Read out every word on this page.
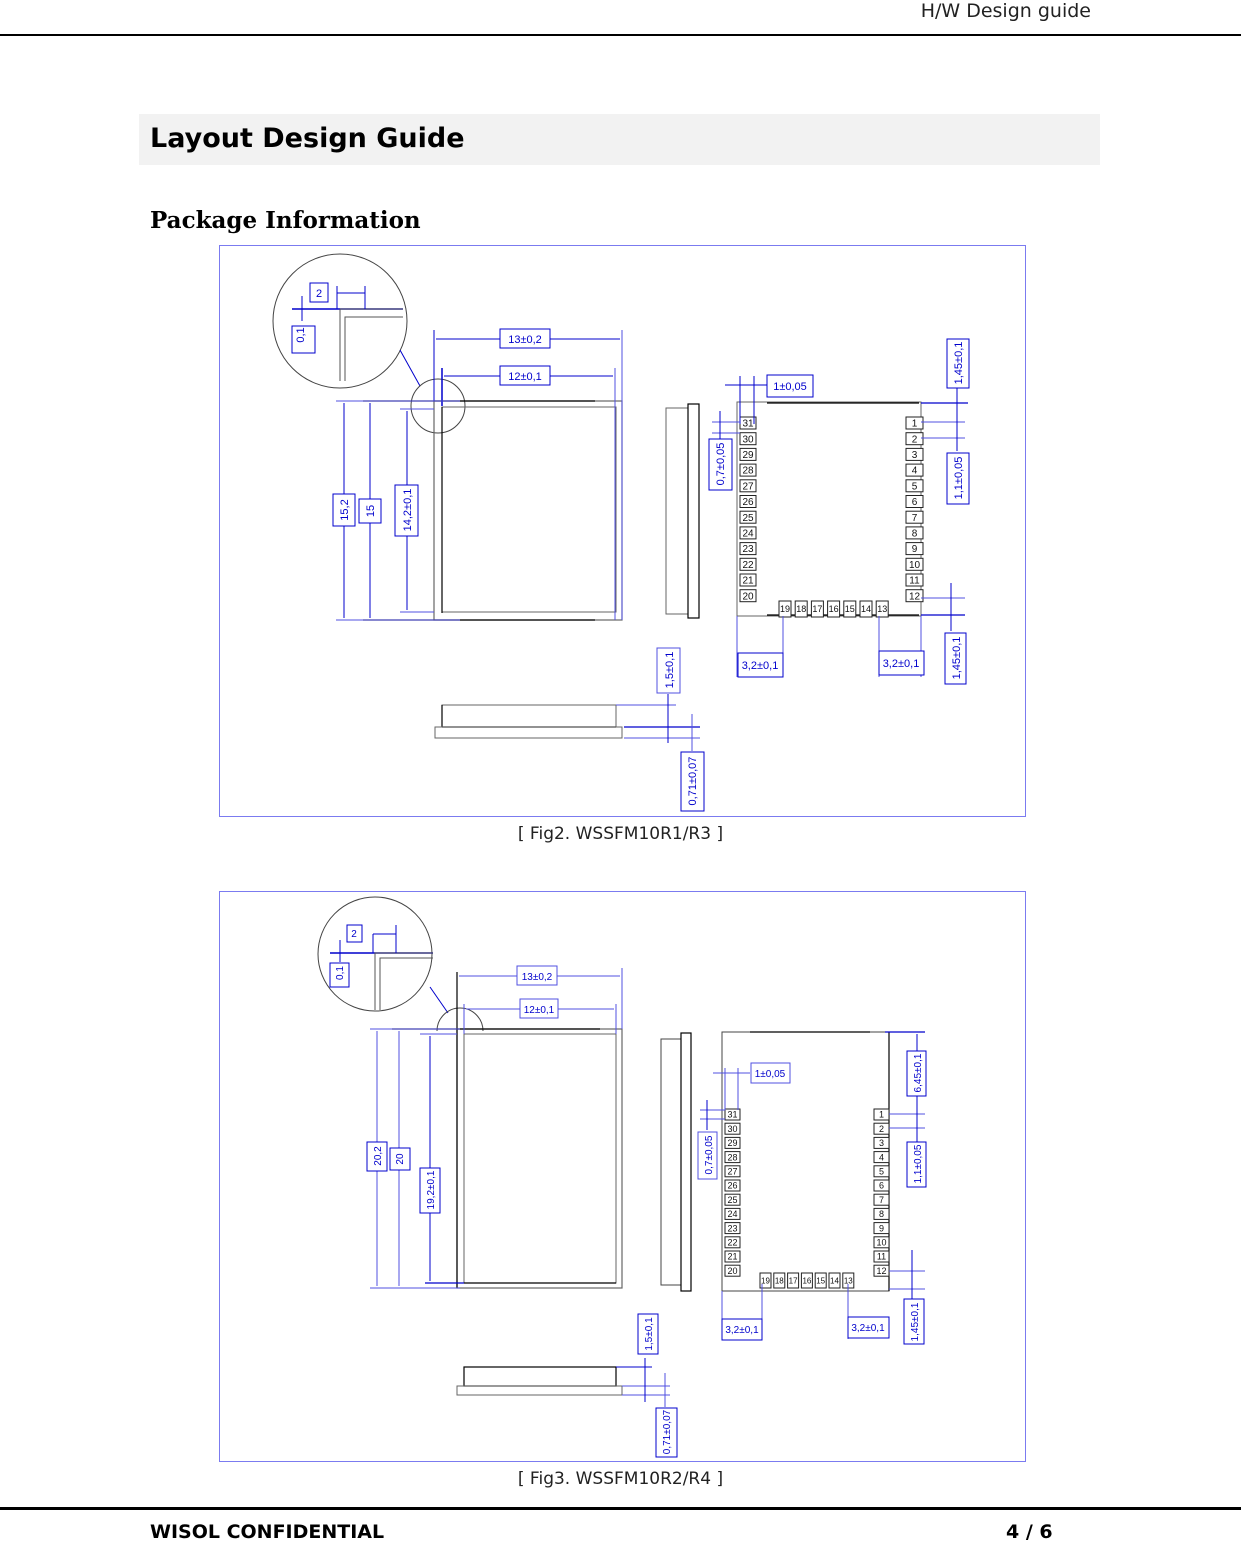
H/W Design guide
Layout Design Guide
Package Information
2
0,1	13±0,2
12±0,1
15,2 15 14,2±0,1
31
30
29
28
27
26
25
24
23
22
21
20
1
2
3
4
5
6
7
8
9
10
11
12
19 18 17 16 15 14 13
1±0,05
0,7±0,05
1,45±0,1
1,1±0,05
1,45±0,1
3,2±0,1	3,2±0,1
1,5±0,1
0,71±0,07
[ Fig2. WSSFM10R1/R3 ]
2
0,1	13±0,2
12±0,1
20,2 20
19,2±0,1
31
30
29
28
27
26
25
24
23
22
21
20
1
2
3
4
5
6
7
8
9
10
11
12
19 18 17 16 15 14 13
1±0,05
0,7±0,05
6,45±0,1
1,1±0,05
1,45±0,1
3,2±0,1	3,2±0,1
1,5±0,1
0,71±0,07
[ Fig3. WSSFM10R2/R4 ]
WISOL CONFIDENTIAL	4 / 6
